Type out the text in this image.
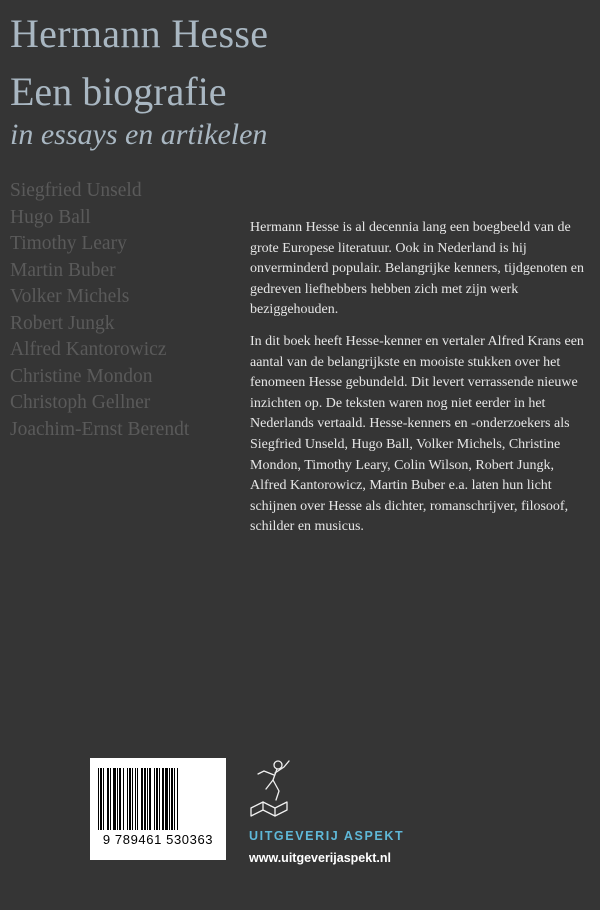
Hermann Hesse
Een biografie
in essays en artikelen
Siegfried Unseld
Hugo Ball
Timothy Leary
Martin Buber
Volker Michels
Robert Jungk
Alfred Kantorowicz
Christine Mondon
Christoph Gellner
Joachim-Ernst Berendt

Hermann Hesse is al decennia lang een boegbeeld van de grote Europese literatuur. Ook in Nederland is hij onverminderd populair. Belangrijke kenners, tijdgenoten en gedreven liefhebbers hebben zich met zijn werk beziggehouden.

In dit boek heeft Hesse-kenner en vertaler Alfred Krans een aantal van de belangrijkste en mooiste stukken over het fenomeen Hesse gebundeld. Dit levert verrassende nieuwe inzichten op. De teksten waren nog niet eerder in het Nederlands vertaald. Hesse-kenners en -onderzoekers als Siegfried Unseld, Hugo Ball, Volker Michels, Christine Mondon, Timothy Leary, Colin Wilson, Robert Jungk, Alfred Kantorowicz, Martin Buber e.a. laten hun licht schijnen over Hesse als dichter, romanschrijver, filosoof, schilder en musicus.

9 789461 530363	UITGEVERIJ ASPEKT
www.uitgeverijaspekt.nl
